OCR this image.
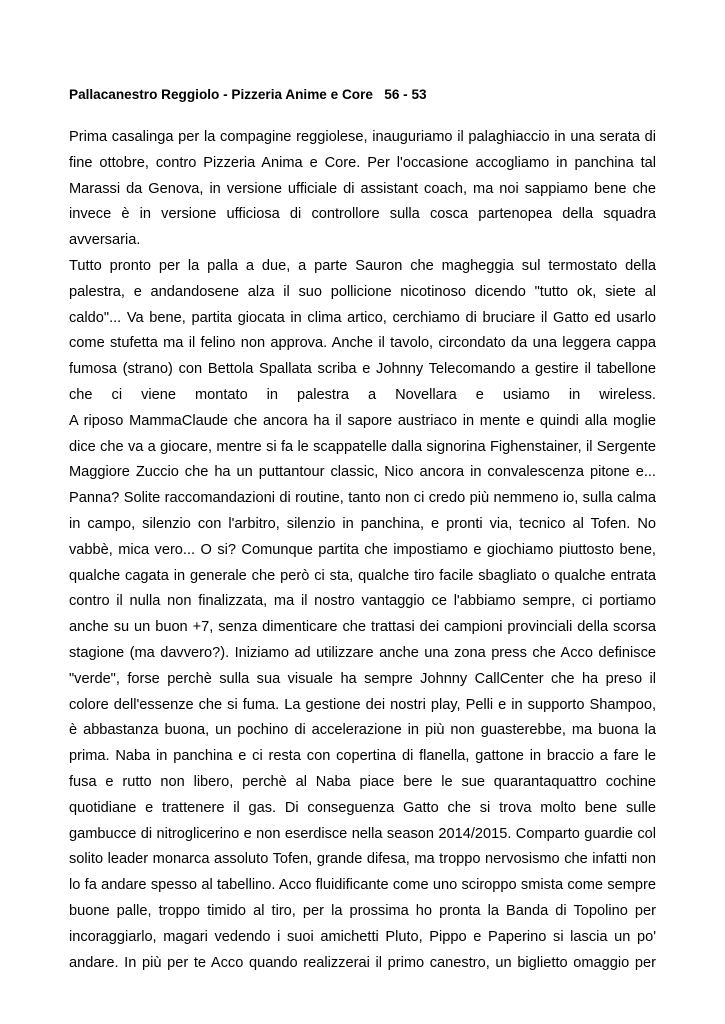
Pallacanestro Reggiolo - Pizzeria Anime e Core   56 - 53
Prima casalinga per la compagine reggiolese, inauguriamo il palaghiaccio in una serata di
fine ottobre, contro Pizzeria Anima e Core. Per l'occasione accogliamo in panchina tal
Marassi da Genova, in versione ufficiale di assistant coach, ma noi sappiamo bene che
invece è in versione ufficiosa di controllore sulla cosca partenopea della squadra
avversaria.
Tutto pronto per la palla a due, a parte Sauron che magheggia sul termostato della
palestra, e andandosene alza il suo pollicione nicotinoso dicendo "tutto ok, siete al
caldo"... Va bene, partita giocata in clima artico, cerchiamo di bruciare il Gatto ed usarlo
come stufetta ma il felino non approva. Anche il tavolo, circondato da una leggera cappa
fumosa (strano) con Bettola Spallata scriba e Johnny Telecomando a gestire il tabellone
che ci viene montato in palestra a Novellara e usiamo in wireless.
A riposo MammaClaude che ancora ha il sapore austriaco in mente e quindi alla moglie
dice che va a giocare, mentre si fa le scappatelle dalla signorina Fighenstainer, il Sergente
Maggiore Zuccio che ha un puttantour classic, Nico ancora in convalescenza pitone e...
Panna? Solite raccomandazioni di routine, tanto non ci credo più nemmeno io, sulla calma
in campo, silenzio con l'arbitro, silenzio in panchina, e pronti via, tecnico al Tofen. No
vabbè, mica vero... O si? Comunque partita che impostiamo e giochiamo piuttosto bene,
qualche cagata in generale che però ci sta, qualche tiro facile sbagliato o qualche entrata
contro il nulla non finalizzata, ma il nostro vantaggio ce l'abbiamo sempre, ci portiamo
anche su un buon +7, senza dimenticare che trattasi dei campioni provinciali della scorsa
stagione (ma davvero?). Iniziamo ad utilizzare anche una zona press che Acco definisce
"verde", forse perchè sulla sua visuale ha sempre Johnny CallCenter che ha preso il
colore dell'essenze che si fuma. La gestione dei nostri play, Pelli e in supporto Shampoo,
è abbastanza buona, un pochino di accelerazione in più non guasterebbe, ma buona la
prima. Naba in panchina e ci resta con copertina di flanella, gattone in braccio a fare le
fusa e rutto non libero, perchè al Naba piace bere le sue quarantaquattro cochine
quotidiane e trattenere il gas. Di conseguenza Gatto che si trova molto bene sulle
gambucce di nitroglicerino e non eserdisce nella season 2014/2015. Comparto guardie col
solito leader monarca assoluto Tofen, grande difesa, ma troppo nervosismo che infatti non
lo fa andare spesso al tabellino. Acco fluidificante come uno sciroppo smista come sempre
buone palle, troppo timido al tiro, per la prossima ho pronta la Banda di Topolino per
incoraggiarlo, magari vedendo i suoi amichetti Pluto, Pippo e Paperino si lascia un po'
andare. In più per te Acco quando realizzerai il primo canestro, un biglietto omaggio per
